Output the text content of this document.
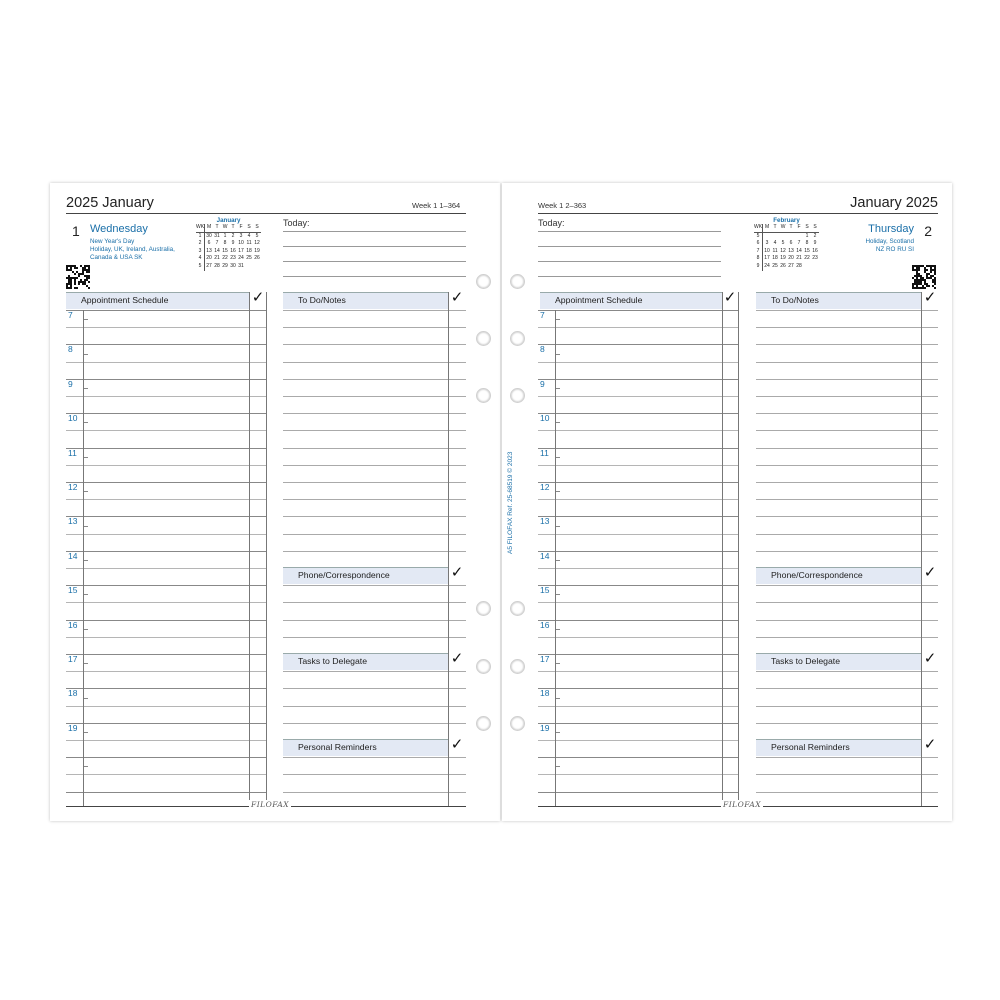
2025 January	Week 1 1–364
1 Wednesday
New Year's Day
Holiday, UK, Ireland, Australia,
Canada & USA SK
January
WK	M	T	W	T	F	S	S
1	30	31	1	2	3	4	5
2	6	7	8	9	10	11	12
3	13	14	15	16	17	18	19
4	20	21	22	23	24	25	26
5	27	28	29	30	31		
Today:
Appointment Schedule	✓	To Do/Notes	✓
Phone/Correspondence	✓
Tasks to Delegate	✓
Personal Reminders	✓
7
8
9
10
11
12
13
14
15
16
17
18
19
FILOFAX
Week 1 2–363	January 2025
Today:	February
WK	M	T	W	T	F	S	S
5						1	2
6	3	4	5	6	7	8	9
7	10	11	12	13	14	15	16
8	17	18	19	20	21	22	23
9	24	25	26	27	28		
Thursday 2
Holiday, Scotland
NZ RO RU SI
Appointment Schedule	✓	To Do/Notes	✓
Phone/Correspondence	✓
Tasks to Delegate	✓
Personal Reminders	✓
7
8
9
10
11
12
13
14
15
16
17
18
19
FILOFAX
A5 FILOFAX Ref. 25-68519 © 2023
